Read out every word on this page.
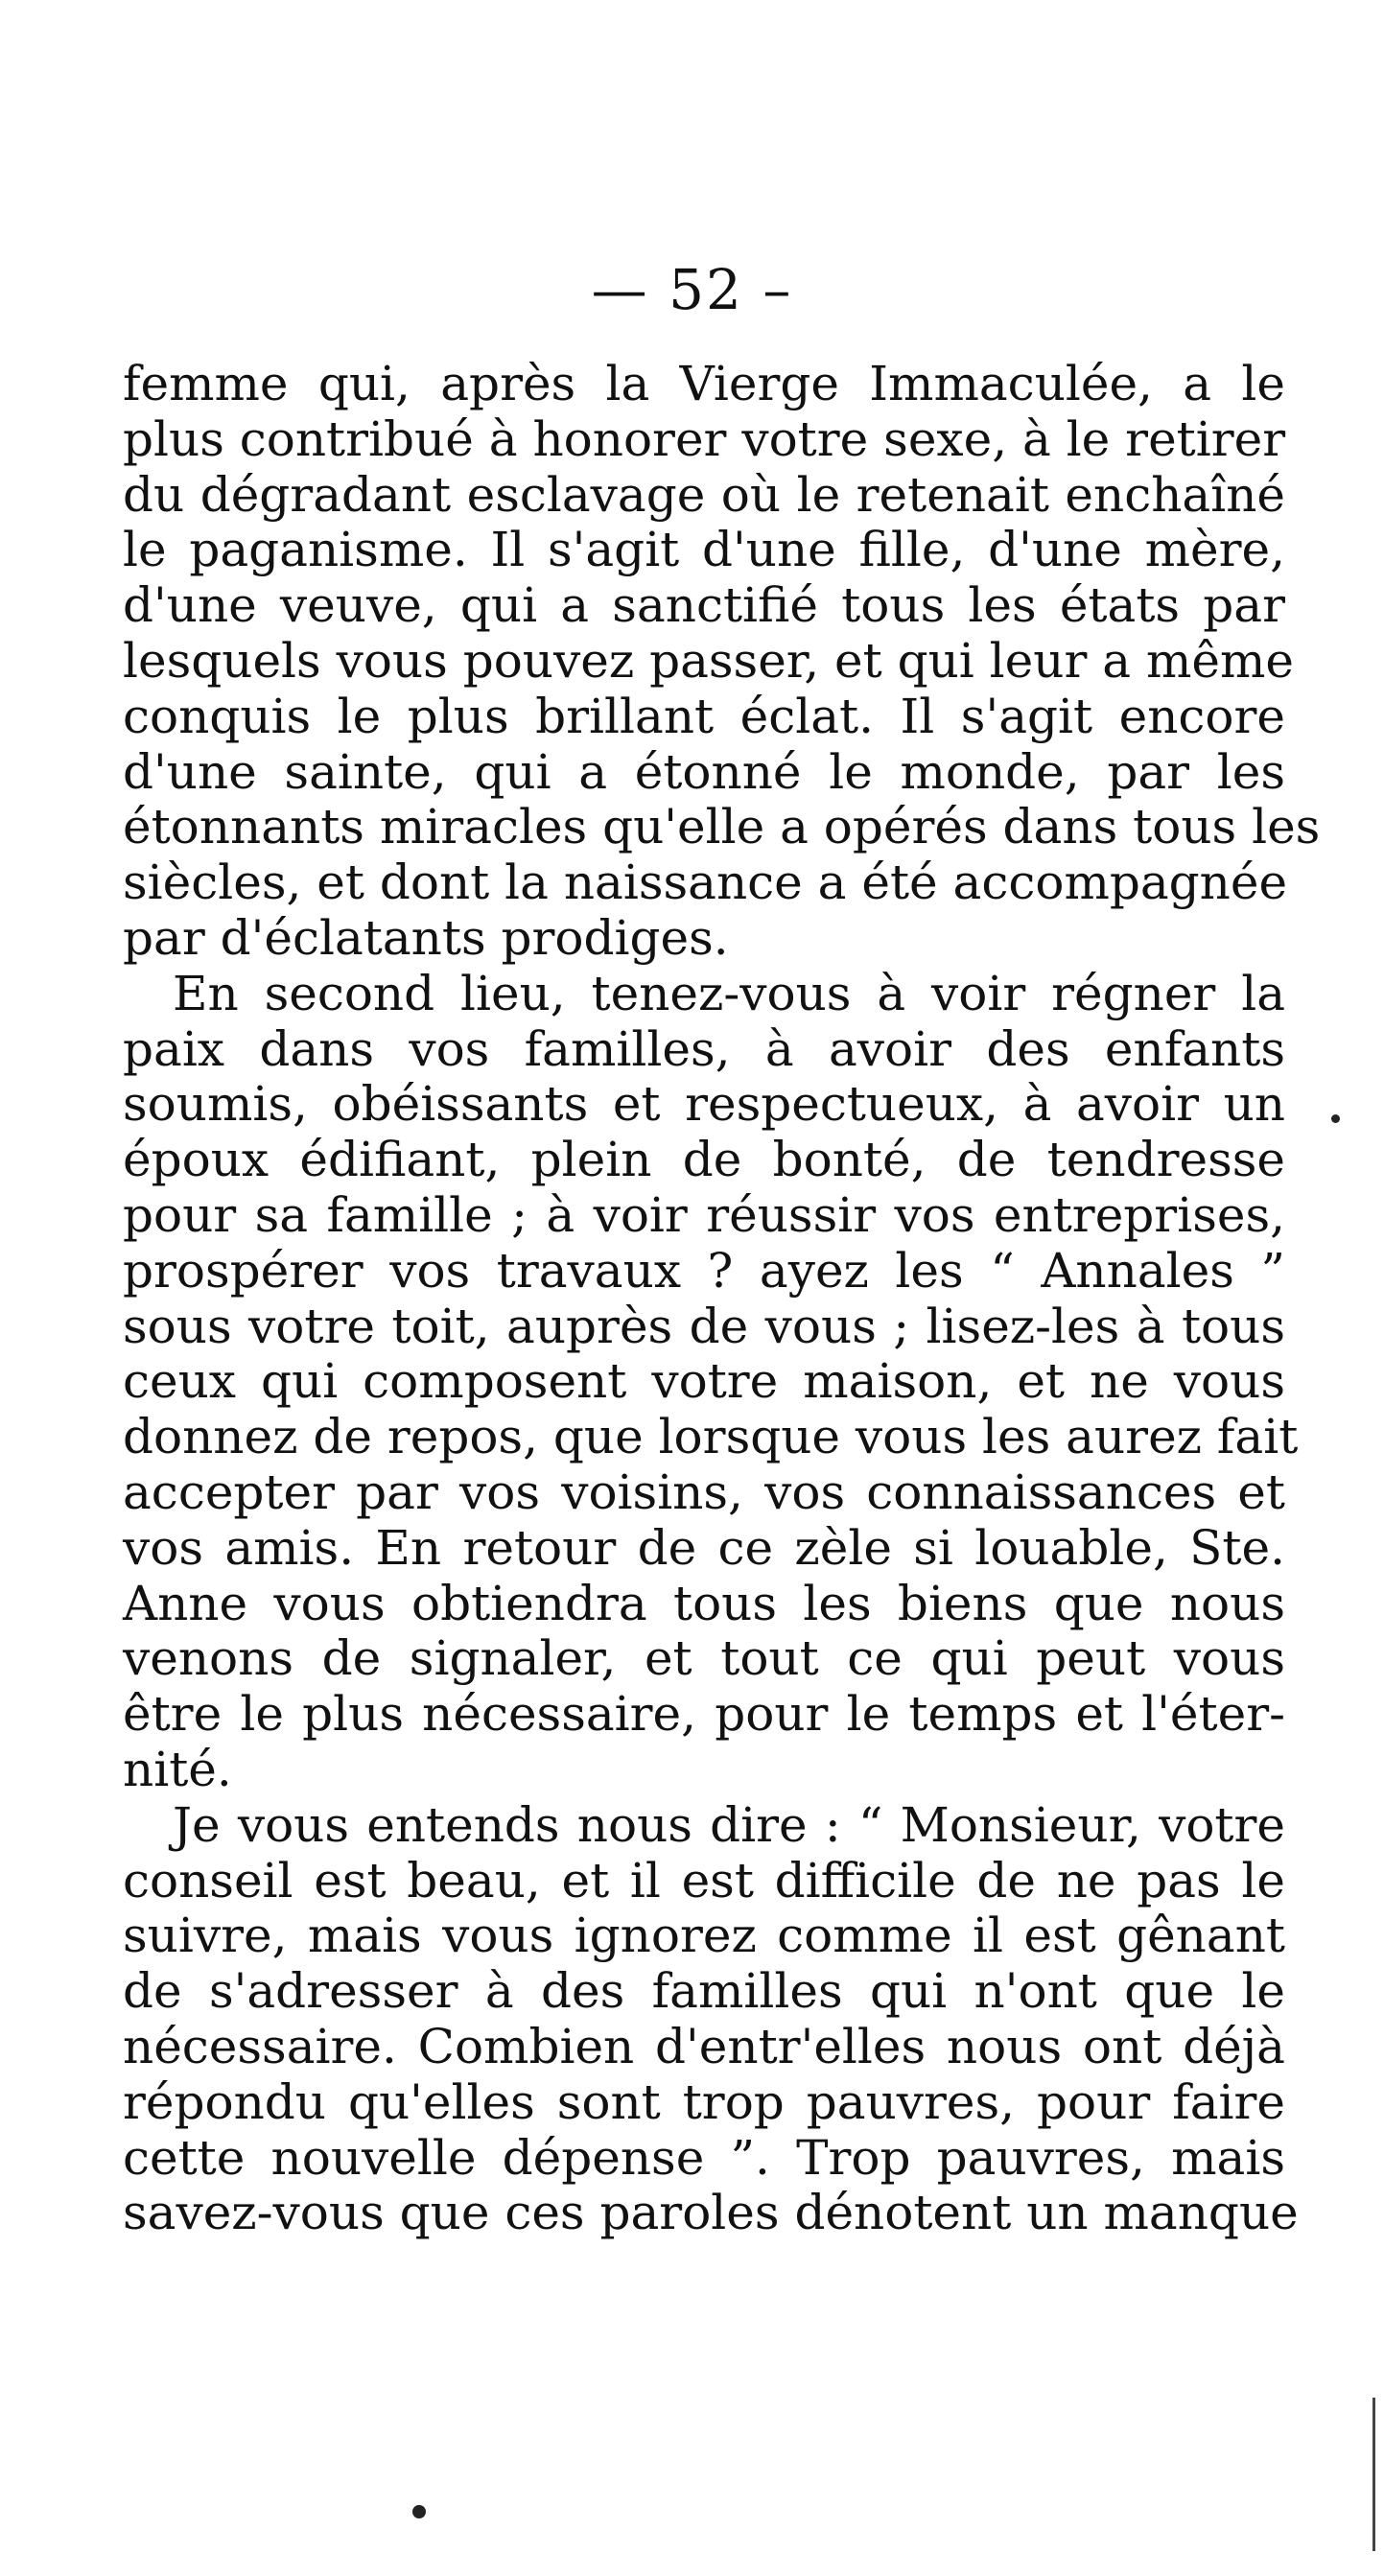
— 52 –
femme qui, après la Vierge Immaculée, a le
plus contribué à honorer votre sexe, à le retirer
du dégradant esclavage où le retenait enchaîné
le paganisme. Il s'agit d'une fille, d'une mère,
d'une veuve, qui a sanctifié tous les états par
lesquels vous pouvez passer, et qui leur a même
conquis le plus brillant éclat. Il s'agit encore
d'une sainte, qui a étonné le monde, par les
étonnants miracles qu'elle a opérés dans tous les
siècles, et dont la naissance a été accompagnée
par d'éclatants prodiges.
En second lieu, tenez-vous à voir régner la
paix dans vos familles, à avoir des enfants
soumis, obéissants et respectueux, à avoir un
époux édifiant, plein de bonté, de tendresse
pour sa famille ; à voir réussir vos entreprises,
prospérer vos travaux ? ayez les “ Annales ”
sous votre toit, auprès de vous ; lisez-les à tous
ceux qui composent votre maison, et ne vous
donnez de repos, que lorsque vous les aurez fait
accepter par vos voisins, vos connaissances et
vos amis. En retour de ce zèle si louable, Ste.
Anne vous obtiendra tous les biens que nous
venons de signaler, et tout ce qui peut vous
être le plus nécessaire, pour le temps et l'éter-
nité.
Je vous entends nous dire : “ Monsieur, votre
conseil est beau, et il est difficile de ne pas le
suivre, mais vous ignorez comme il est gênant
de s'adresser à des familles qui n'ont que le
nécessaire. Combien d'entr'elles nous ont déjà
répondu qu'elles sont trop pauvres, pour faire
cette nouvelle dépense ”. Trop pauvres, mais
savez-vous que ces paroles dénotent un manque
